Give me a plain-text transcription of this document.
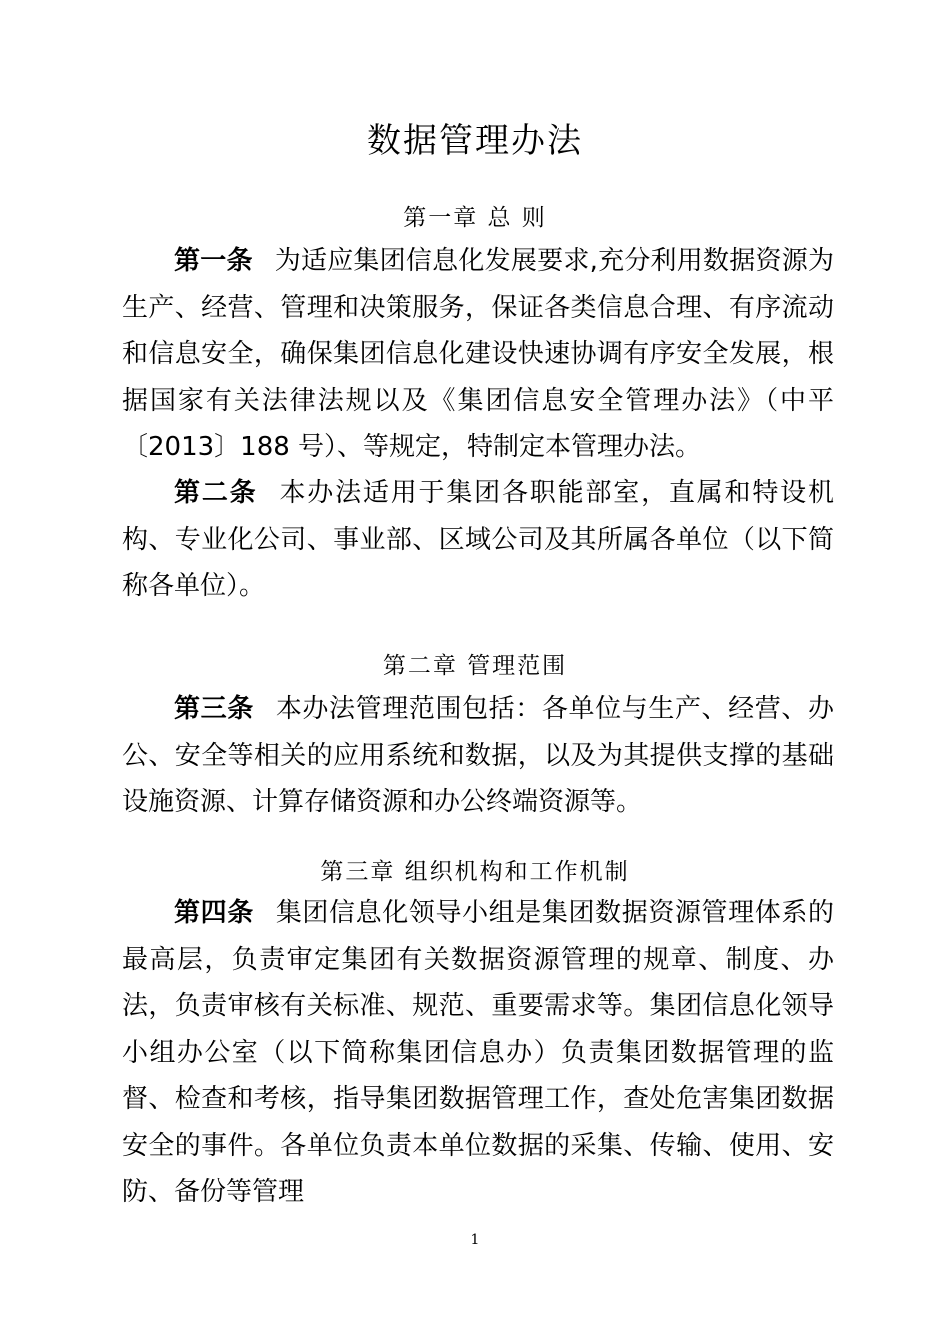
数据管理办法
第一章 总 则
第一条 为适应集团信息化发展要求,充分利用数据资源为生产、经营、管理和决策服务，保证各类信息合理、有序流动和信息安全，确保集团信息化建设快速协调有序安全发展，根据国家有关法律法规以及《集团信息安全管理办法》（中平〔2013〕188 号）、等规定，特制定本管理办法。
第二条 本办法适用于集团各职能部室，直属和特设机构、专业化公司、事业部、区域公司及其所属各单位（以下简称各单位）。
第二章 管理范围
第三条 本办法管理范围包括：各单位与生产、经营、办公、安全等相关的应用系统和数据，以及为其提供支撑的基础设施资源、计算存储资源和办公终端资源等。
第三章 组织机构和工作机制
第四条 集团信息化领导小组是集团数据资源管理体系的最高层，负责审定集团有关数据资源管理的规章、制度、办法，负责审核有关标准、规范、重要需求等。集团信息化领导小组办公室（以下简称集团信息办）负责集团数据管理的监督、检查和考核，指导集团数据管理工作，查处危害集团数据安全的事件。各单位负责本单位数据的采集、传输、使用、安防、备份等管理
1
